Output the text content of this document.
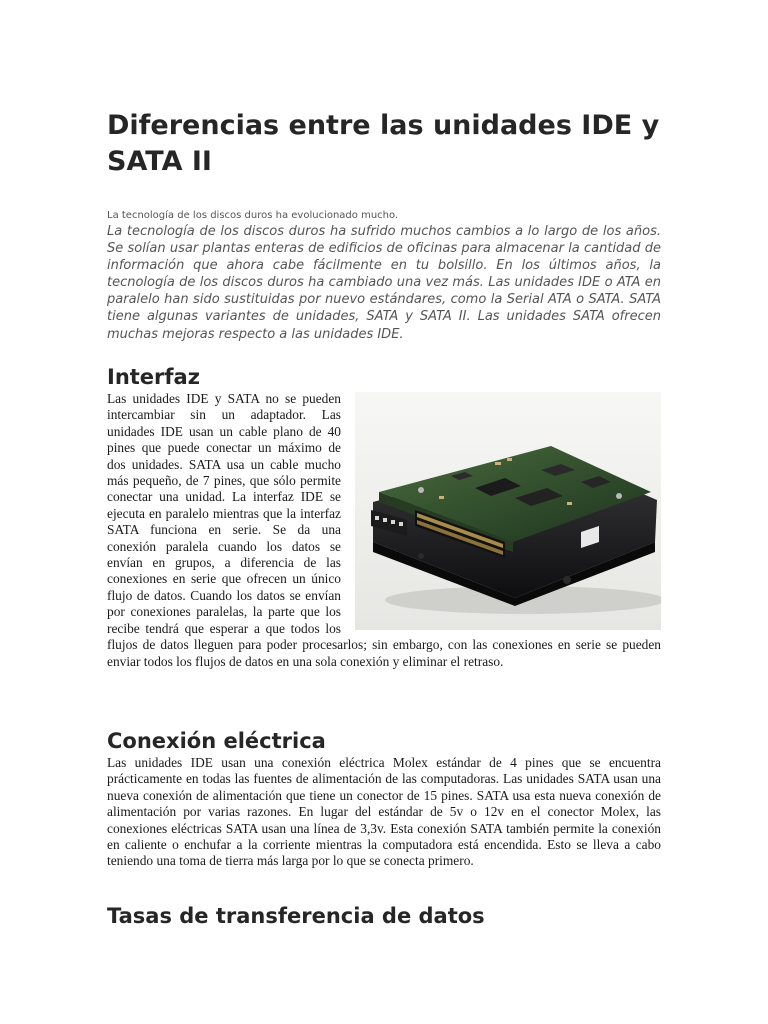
Diferencias entre las unidades IDE y SATA II

La tecnología de los discos duros ha evolucionado mucho.

La tecnología de los discos duros ha sufrido muchos cambios a lo largo de los años. Se solían usar plantas enteras de edificios de oficinas para almacenar la cantidad de información que ahora cabe fácilmente en tu bolsillo. En los últimos años, la tecnología de los discos duros ha cambiado una vez más. Las unidades IDE o ATA en paralelo han sido sustituidas por nuevo estándares, como la Serial ATA o SATA. SATA tiene algunas variantes de unidades, SATA y SATA II. Las unidades SATA ofrecen muchas mejoras respecto a las unidades IDE.

Interfaz

Las unidades IDE y SATA no se pueden intercambiar sin un adaptador. Las unidades IDE usan un cable plano de 40 pines que puede conectar un máximo de dos unidades. SATA usa un cable mucho más pequeño, de 7 pines, que sólo permite conectar una unidad. La interfaz IDE se ejecuta en paralelo mientras que la interfaz SATA funciona en serie. Se da una conexión paralela cuando los datos se envían en grupos, a diferencia de las conexiones en serie que ofrecen un único flujo de datos. Cuando los datos se envían por conexiones paralelas, la parte que los recibe tendrá que esperar a que todos los flujos de datos lleguen para poder procesarlos; sin embargo, con las conexiones en serie se pueden enviar todos los flujos de datos en una sola conexión y eliminar el retraso.

Conexión eléctrica

Las unidades IDE usan una conexión eléctrica Molex estándar de 4 pines que se encuentra prácticamente en todas las fuentes de alimentación de las computadoras. Las unidades SATA usan una nueva conexión de alimentación que tiene un conector de 15 pines. SATA usa esta nueva conexión de alimentación por varias razones. En lugar del estándar de 5v o 12v en el conector Molex, las conexiones eléctricas SATA usan una línea de 3,3v. Esta conexión SATA también permite la conexión en caliente o enchufar a la corriente mientras la computadora está encendida. Esto se lleva a cabo teniendo una toma de tierra más larga por lo que se conecta primero.

Tasas de transferencia de datos
